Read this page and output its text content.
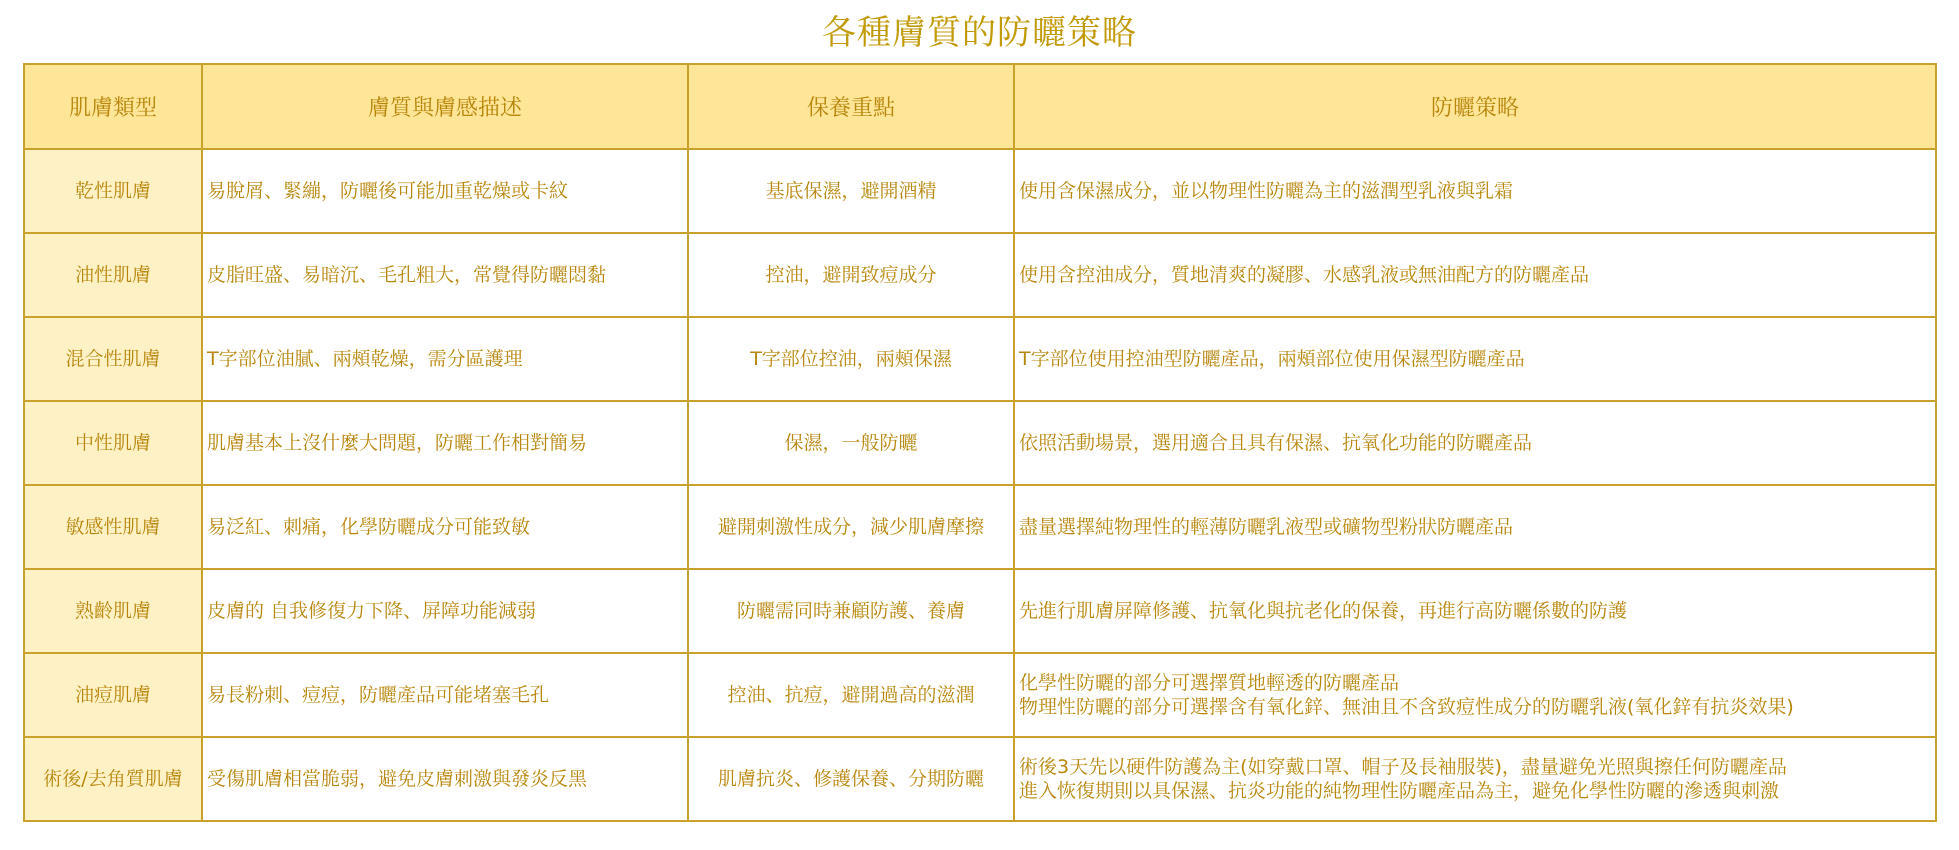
各種膚質的防曬策略
肌膚類型	膚質與膚感描述	保養重點	防曬策略
乾性肌膚	易脫屑、緊繃，防曬後可能加重乾燥或卡紋	基底保濕，避開酒精	使用含保濕成分，並以物理性防曬為主的滋潤型乳液與乳霜

油性肌膚	皮脂旺盛、易暗沉、毛孔粗大，常覺得防曬悶黏	控油，避開致痘成分	使用含控油成分，質地清爽的凝膠、水感乳液或無油配方的防曬產品

混合性肌膚	T字部位油膩、兩頰乾燥，需分區護理	T字部位控油，兩頰保濕	T字部位使用控油型防曬產品，兩頰部位使用保濕型防曬產品

中性肌膚	肌膚基本上沒什麼大問題，防曬工作相對簡易	保濕，一般防曬	依照活動場景，選用適合且具有保濕、抗氧化功能的防曬產品

敏感性肌膚	易泛紅、刺痛，化學防曬成分可能致敏	避開刺激性成分，減少肌膚摩擦	盡量選擇純物理性的輕薄防曬乳液型或礦物型粉狀防曬產品

熟齡肌膚	皮膚的 自我修復力下降、屏障功能減弱	防曬需同時兼顧防護、養膚	先進行肌膚屏障修護、抗氧化與抗老化的保養，再進行高防曬係數的防護

油痘肌膚	易長粉刺、痘痘，防曬產品可能堵塞毛孔	控油、抗痘，避開過高的滋潤	化學性防曬的部分可選擇質地輕透的防曬產品
物理性防曬的部分可選擇含有氧化鋅、無油且不含致痘性成分的防曬乳液(氧化鋅有抗炎效果)

術後/去角質肌膚	受傷肌膚相當脆弱，避免皮膚刺激與發炎反黑	肌膚抗炎、修護保養、分期防曬	術後3天先以硬件防護為主(如穿戴口罩、帽子及長袖服裝)，盡量避免光照與擦任何防曬產品
進入恢復期則以具保濕、抗炎功能的純物理性防曬產品為主，避免化學性防曬的滲透與刺激
